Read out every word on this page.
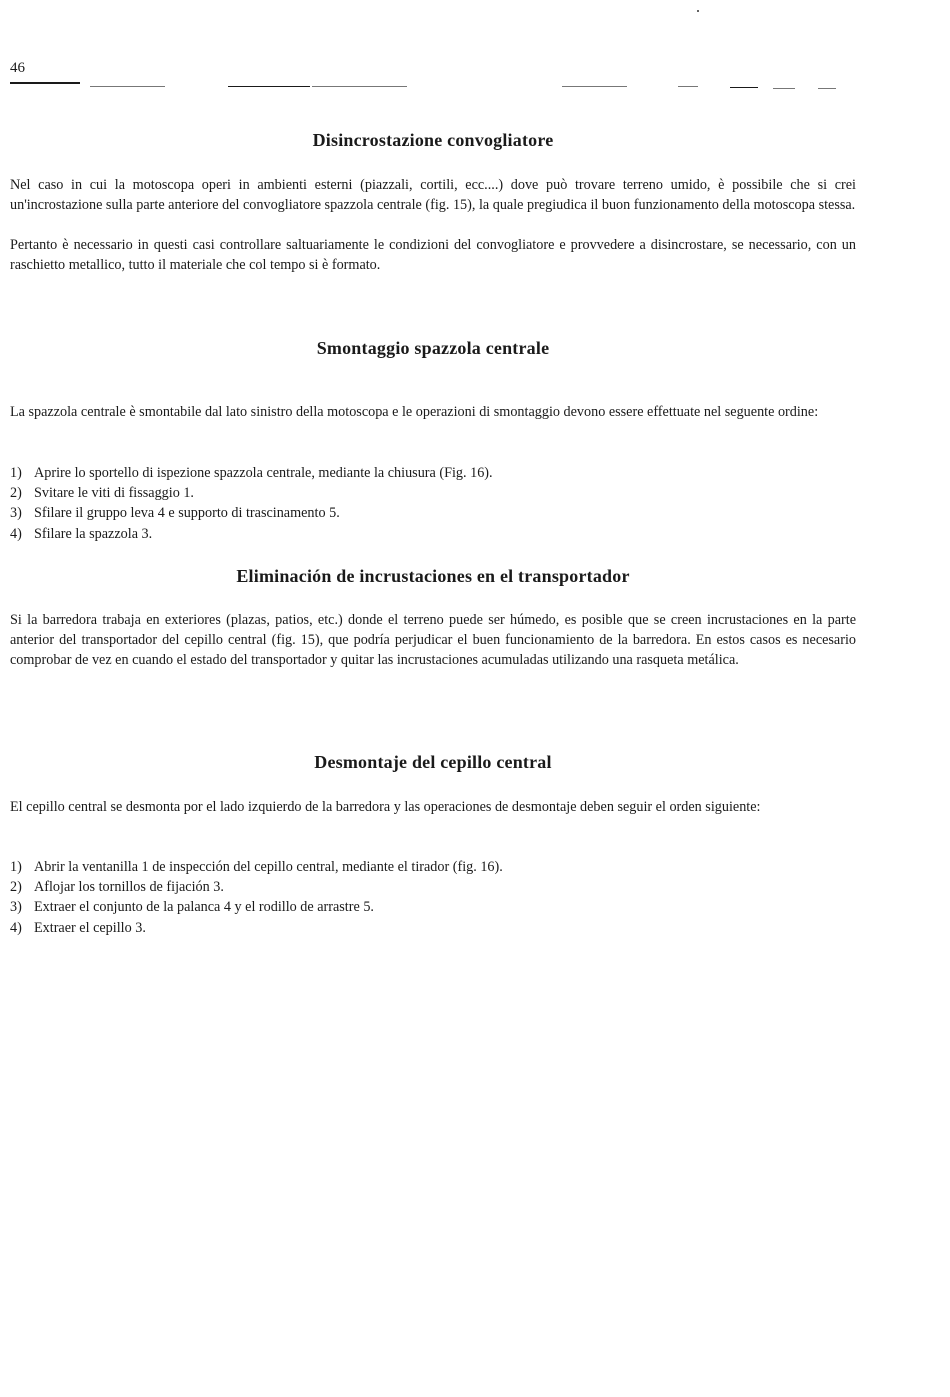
46
Disincrostazione convogliatore

Nel caso in cui la motoscopa operi in ambienti esterni (piazzali, cortili, ecc....) dove può trovare terreno umido, è possibile che si crei un'incrostazione sulla parte anteriore del convogliatore spazzola centrale (fig. 15), la quale pregiudica il buon funzionamento della motoscopa stessa.

Pertanto è necessario in questi casi controllare saltuariamente le condizioni del convogliatore e provvedere a disincrostare, se necessario, con un raschietto metallico, tutto il materiale che col tempo si è formato.

Smontaggio spazzola centrale

La spazzola centrale è smontabile dal lato sinistro della motoscopa e le operazioni di smontaggio devono essere effettuate nel seguente ordine:

1) Aprire lo sportello di ispezione spazzola centrale, mediante la chiusura (Fig. 16).
2) Svitare le viti di fissaggio 1.
3) Sfilare il gruppo leva 4 e supporto di trascinamento 5.
4) Sfilare la spazzola 3.
Eliminación de incrustaciones en el transportador

Si la barredora trabaja en exteriores (plazas, patios, etc.) donde el terreno puede ser húmedo, es posible que se creen incrustaciones en la parte anterior del transportador del cepillo central (fig. 15), que podría perjudicar el buen funcionamiento de la barredora. En estos casos es necesario comprobar de vez en cuando el estado del transportador y quitar las incrustaciones acumuladas utilizando una rasqueta metálica.

Desmontaje del cepillo central

El cepillo central se desmonta por el lado izquierdo de la barredora y las operaciones de desmontaje deben seguir el orden siguiente:

1) Abrir la ventanilla 1 de inspección del cepillo central, mediante el tirador (fig. 16).
2) Aflojar los tornillos de fijación 3.
3) Extraer el conjunto de la palanca 4 y el rodillo de arrastre 5.
4) Extraer el cepillo 3.
